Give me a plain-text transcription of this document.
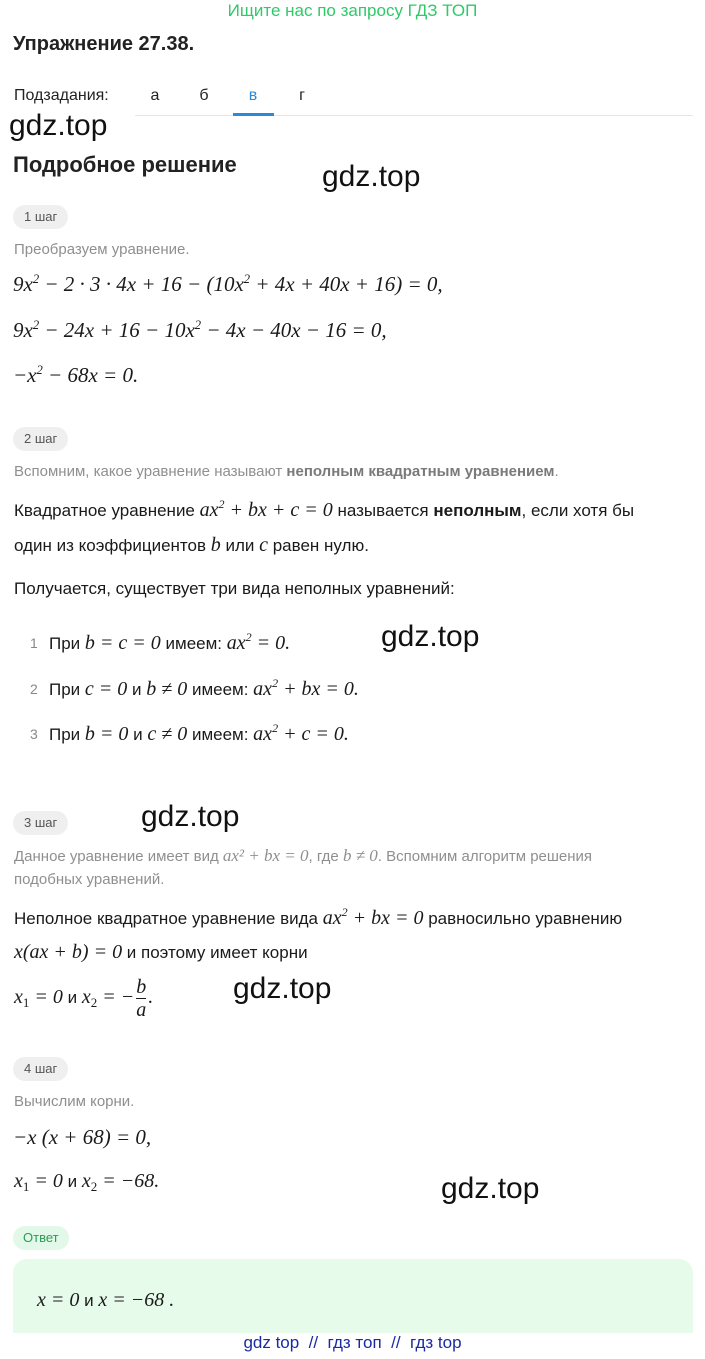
Ищите нас по запросу ГДЗ ТОП
Упражнение 27.38.
Подзадания:	а	б	в	г
gdz.top
Подробное решение	gdz.top
1 шаг
Преобразуем уравнение.
$9x^2 - 2 \cdot 3 \cdot 4x + 16 - (10x^2 + 4x + 40x + 16) = 0$,
$9x^2 - 24x + 16 - 10x^2 - 4x - 40x - 16 = 0$,
$-x^2 - 68x = 0$.
2 шаг
Вспомним, какое уравнение называют неполным квадратным уравнением.
Квадратное уравнение $ax^2$ + bx + c = 0 называется неполным, если хотя бы
один из коэффициентов b или c равен нулю.
Получается, существует три вида неполных уравнений:
1 При b = c = 0 имеем: $ax^2 = 0$.	gdz.top
2 При c = 0 и b ≠ 0 имеем: $ax^2$ + bx = 0.
3 При b = 0 и c ≠ 0 имеем: $ax^2 + c = 0$.
3 шаг	gdz.top
Данное уравнение имеет вид ax² + bx = 0, где b ≠ 0. Вспомним алгоритм решения
подобных уравнений.
Неполное квадратное уравнение вида $ax^2$ + bx = 0 равносильно уравнению
x(ax + b) = 0 и поэтому имеет корни
$x_1 = 0$ и $x_2$ = − $\frac{b}{a}$ .	gdz.top
4 шаг
Вычислим корни.
−x (x + 68) = 0,
$x_1 = 0$ и $x_2 = -68$.	gdz.top
Ответ
x = 0 и x = −68 .
gdz top  //  гдз топ  //  гдз top
